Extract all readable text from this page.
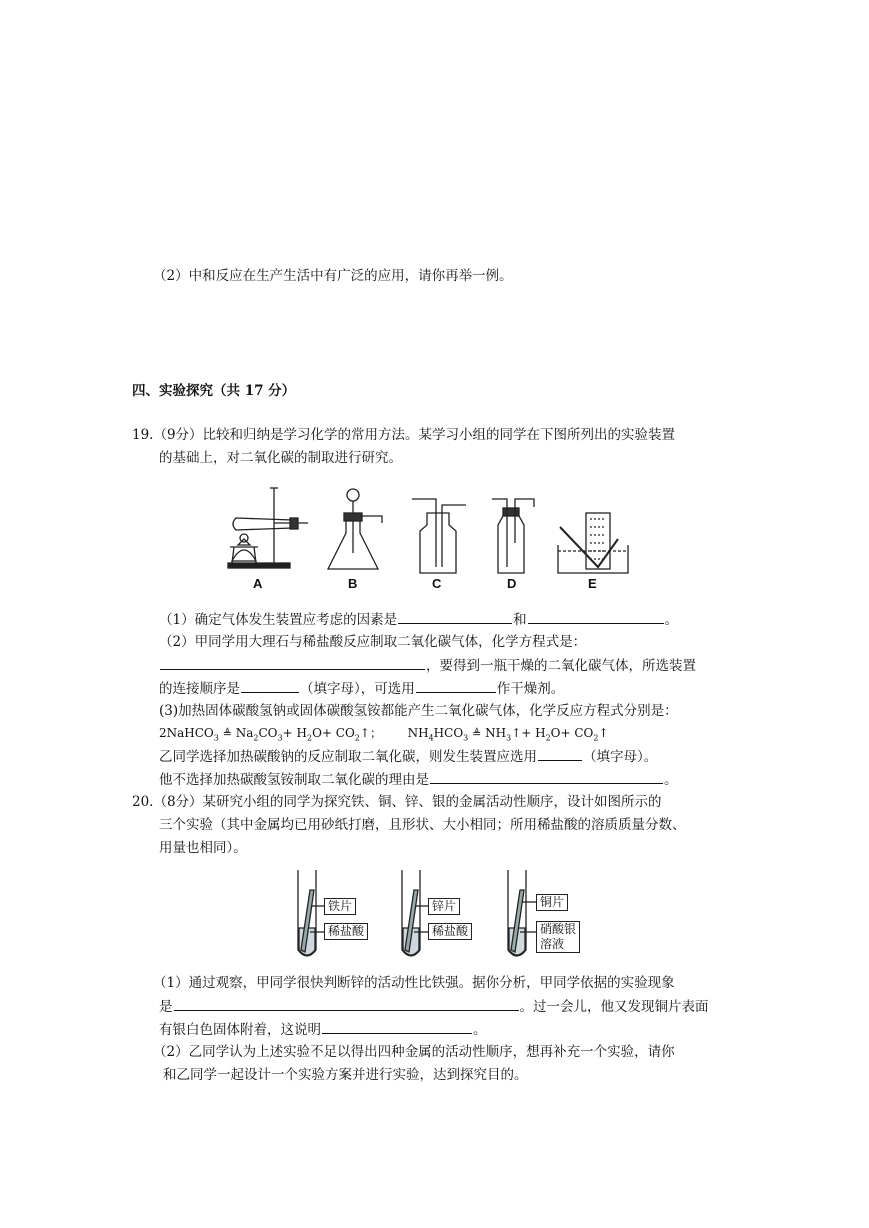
（2）中和反应在生产生活中有广泛的应用，请你再举一例。
四、实验探究（共 17 分）
19.（9分）比较和归纳是学习化学的常用方法。某学习小组的同学在下图所列出的实验装置
的基础上，对二氧化碳的制取进行研究。
A	B	C	D	E
（1）确定气体发生装置应考虑的因素是	和	。
（2）甲同学用大理石与稀盐酸反应制取二氧化碳气体，化学方程式是：
，要得到一瓶干燥的二氧化碳气体，所选装置
的连接顺序是	（填字母），可选用	作干燥剂。
(3)加热固体碳酸氢钠或固体碳酸氢铵都能产生二氧化碳气体，化学反应方程式分别是：
2NaHCO$_3$ ≜ $Na_2CO_3+ H_2O+$ $CO_2↑$； $NH_4HCO_3$ ≜ $NH_3↑+ H_2O+$ $CO_2↑$
乙同学选择加热碳酸钠的反应制取二氧化碳，则发生装置应选用	（填字母）。
他不选择加热碳酸氢铵制取二氧化碳的理由是	。
20.（8分）某研究小组的同学为探究铁、铜、锌、银的金属活动性顺序，设计如图所示的
三个实验（其中金属均已用砂纸打磨，且形状、大小相同；所用稀盐酸的溶质质量分数、
用量也相同）。
铁片
稀盐酸
锌片
稀盐酸
铜片
硝酸银
溶液
（1）通过观察，甲同学很快判断锌的活动性比铁强。据你分析，甲同学依据的实验现象
是	。过一会儿，他又发现铜片表面
有银白色固体附着，这说明	。
（2）乙同学认为上述实验不足以得出四种金属的活动性顺序，想再补充一个实验，请你
和乙同学一起设计一个实验方案并进行实验，达到探究目的。
